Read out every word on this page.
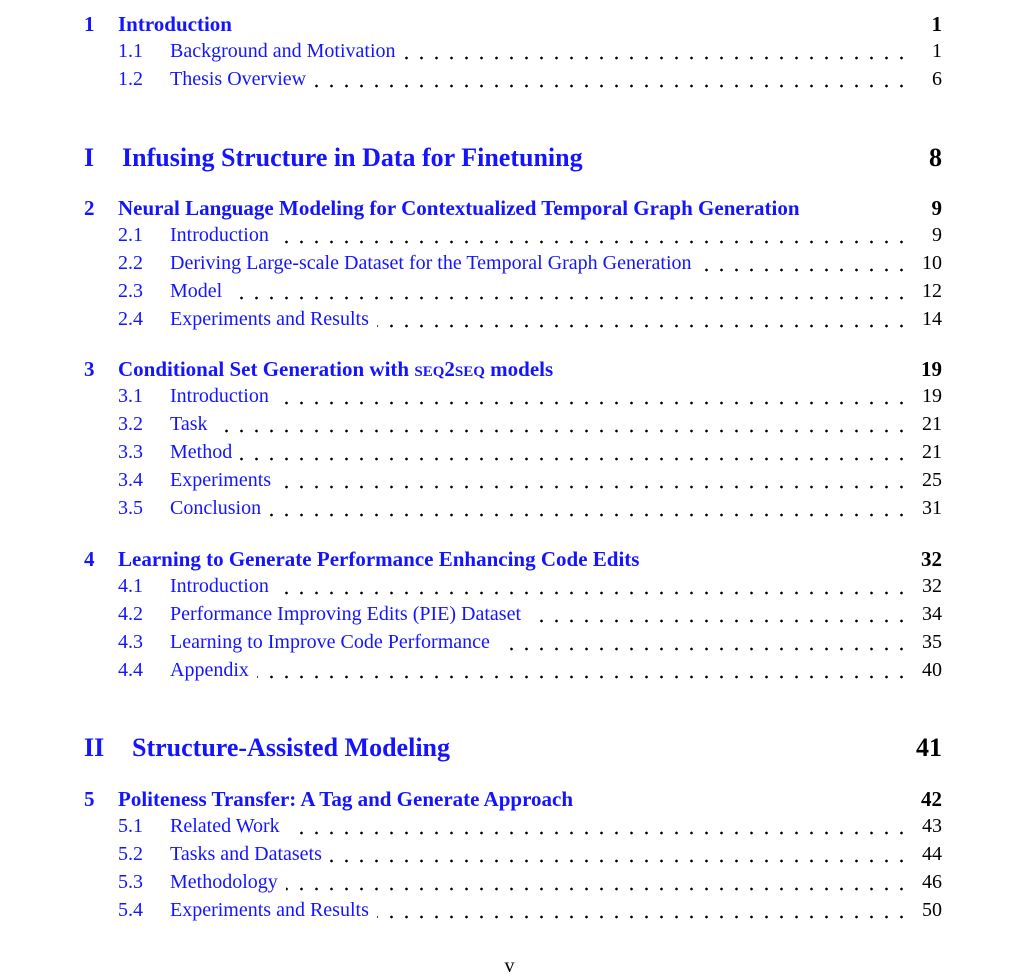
1 Introduction	1
1.1 Background and Motivation	1
1.2 Thesis Overview	6
I Infusing Structure in Data for Finetuning	8
2 Neural Language Modeling for Contextualized Temporal Graph Generation	9
2.1 Introduction	9
2.2 Deriving Large-scale Dataset for the Temporal Graph Generation	10
2.3 Model	12
2.4 Experiments and Results	14
3 Conditional Set Generation with seq2seq models	19
3.1 Introduction	19
3.2 Task	21
3.3 Method	21
3.4 Experiments	25
3.5 Conclusion	31
4 Learning to Generate Performance Enhancing Code Edits	32
4.1 Introduction	32
4.2 Performance Improving Edits (PIE) Dataset	34
4.3 Learning to Improve Code Performance	35
4.4 Appendix	40
II Structure-Assisted Modeling	41
5 Politeness Transfer: A Tag and Generate Approach	42
5.1 Related Work	43
5.2 Tasks and Datasets	44
5.3 Methodology	46
5.4 Experiments and Results	50
v
